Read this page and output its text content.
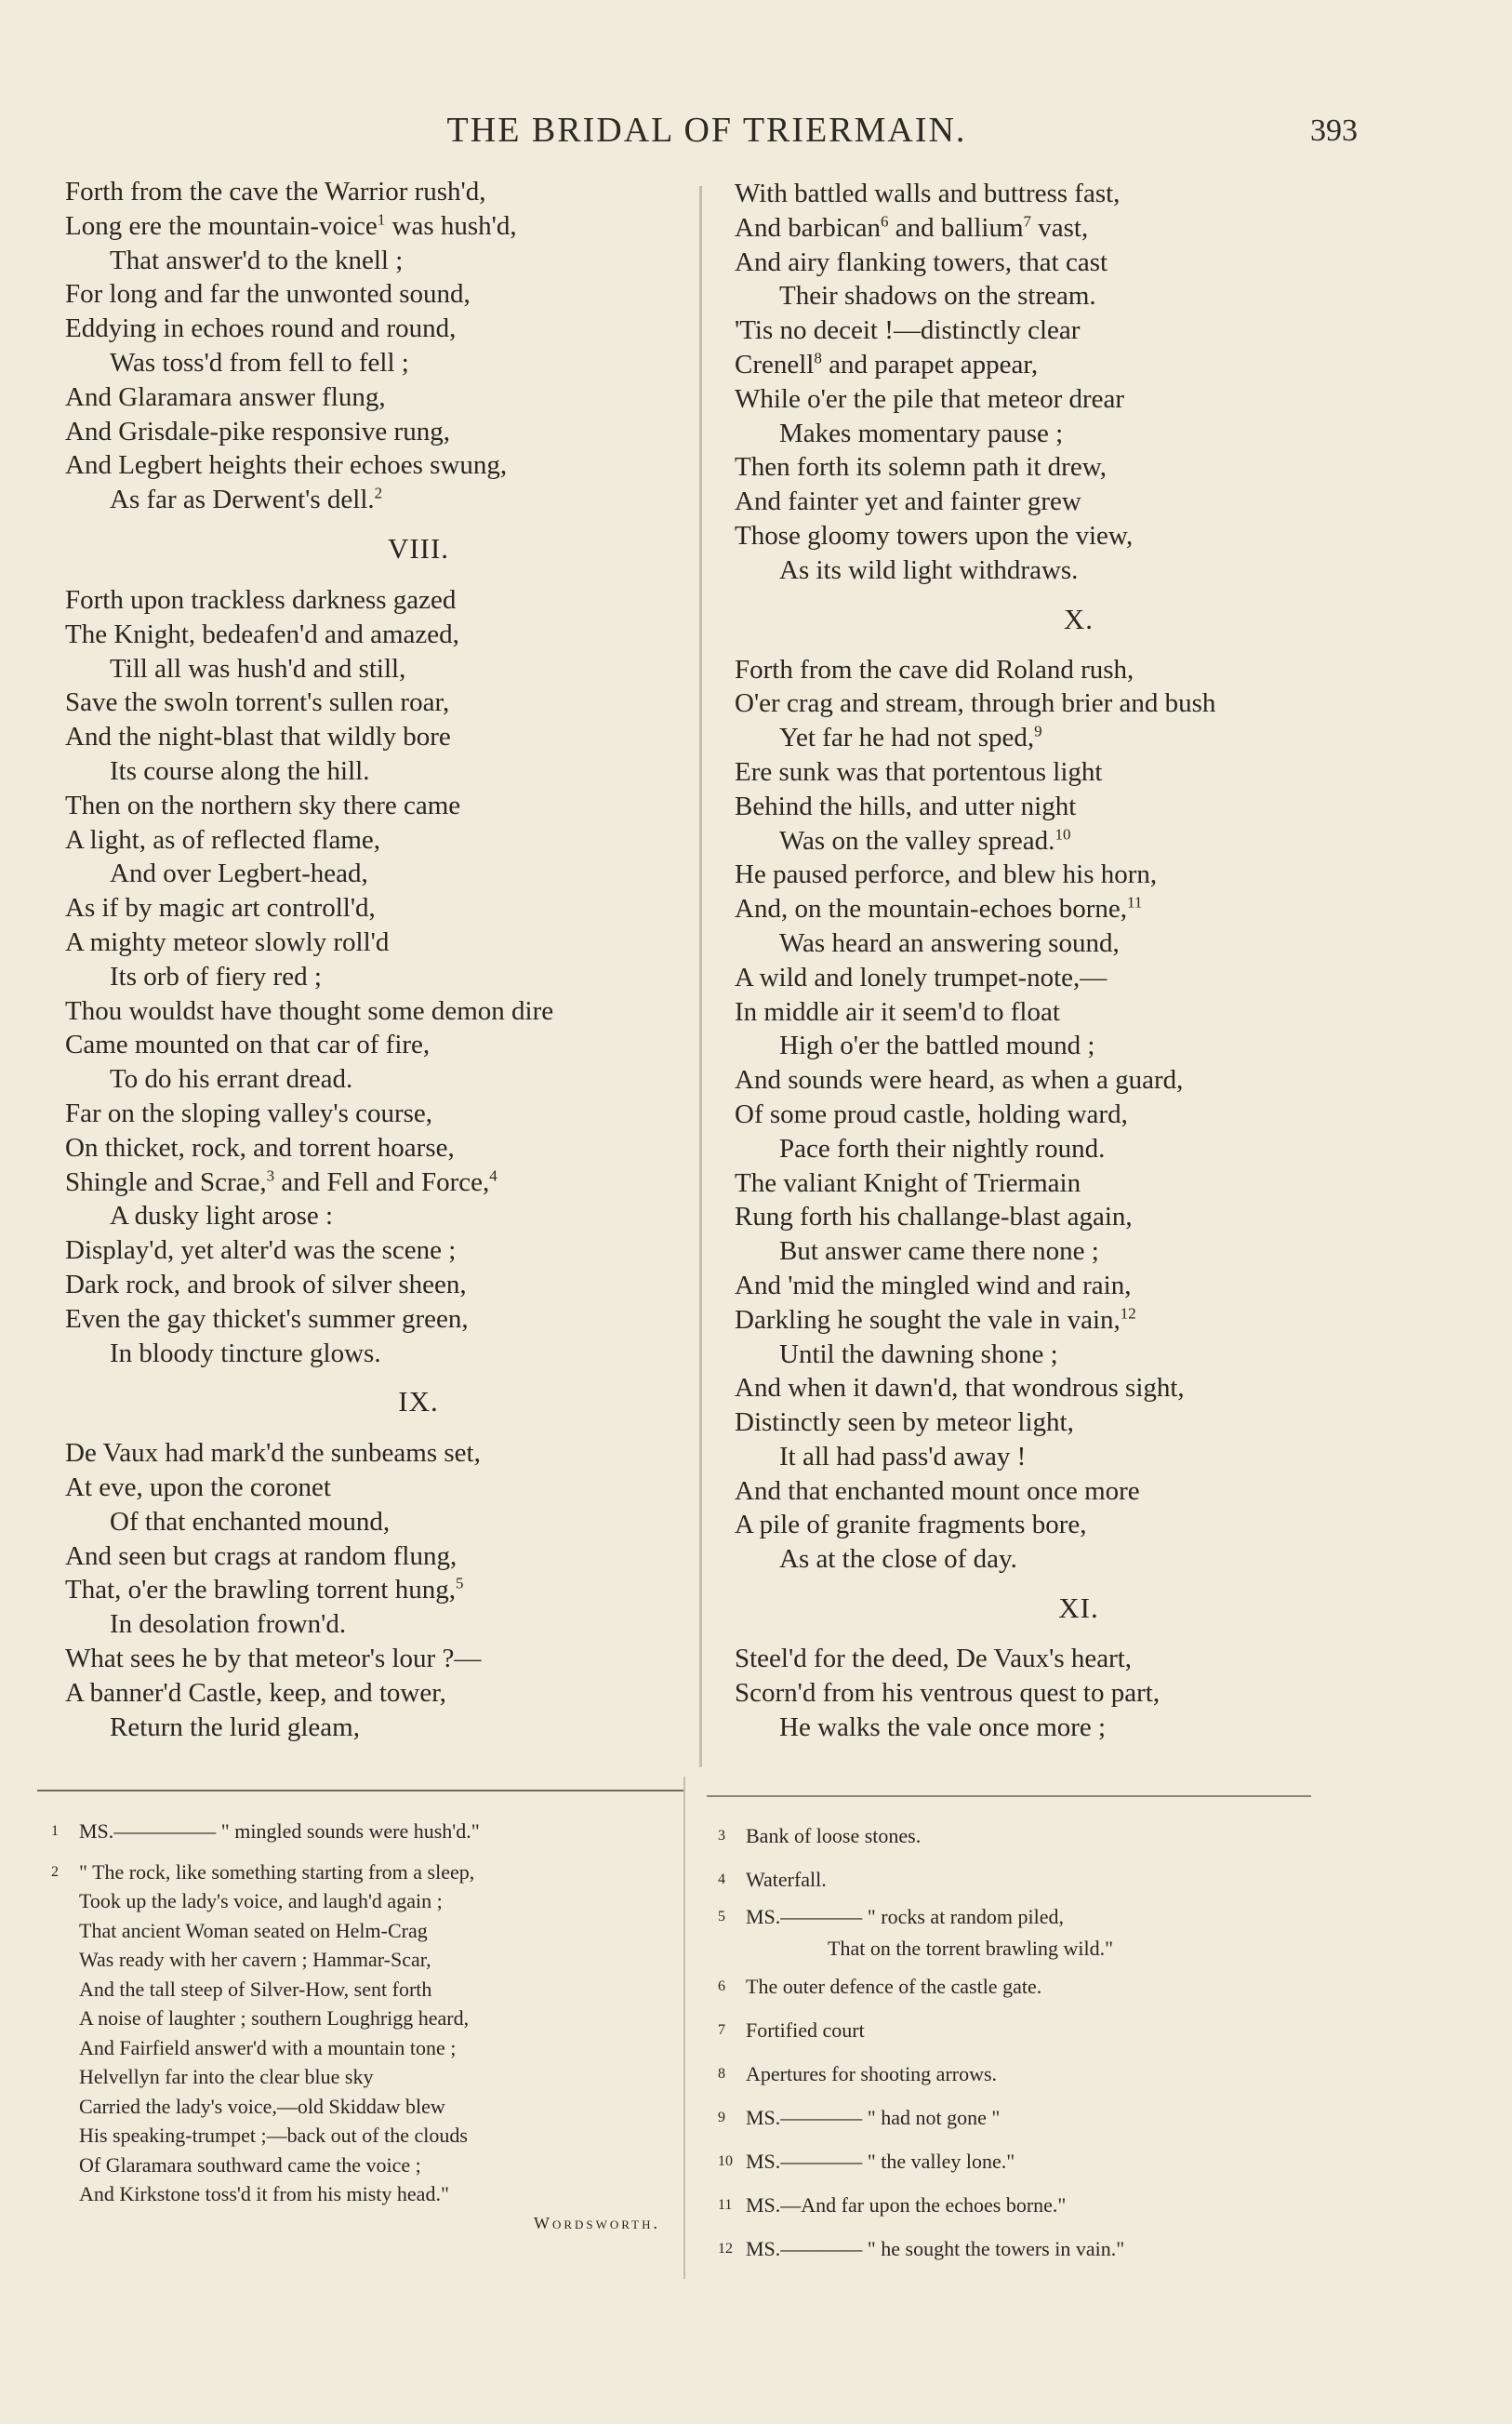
THE BRIDAL OF TRIERMAIN.	393
Forth from the cave the Warrior rush'd,
Long ere the mountain-voice$^1$ was hush'd,
That answer'd to the knell ;
For long and far the unwonted sound,
Eddying in echoes round and round,
Was toss'd from fell to fell ;
And Glaramara answer flung,
And Grisdale-pike responsive rung,
And Legbert heights their echoes swung,
As far as Derwent's dell.$^2$
VIII.
Forth upon trackless darkness gazed
The Knight, bedeafen'd and amazed,
Till all was hush'd and still,
Save the swoln torrent's sullen roar,
And the night-blast that wildly bore
Its course along the hill.
Then on the northern sky there came
A light, as of reflected flame,
And over Legbert-head,
As if by magic art controll'd,
A mighty meteor slowly roll'd
Its orb of fiery red ;
Thou wouldst have thought some demon dire
Came mounted on that car of fire,
To do his errant dread.
Far on the sloping valley's course,
On thicket, rock, and torrent hoarse,
Shingle and Scrae,$^3$ and Fell and Force,$^4$
A dusky light arose :
Display'd, yet alter'd was the scene ;
Dark rock, and brook of silver sheen,
Even the gay thicket's summer green,
In bloody tincture glows.
IX.
De Vaux had mark'd the sunbeams set,
At eve, upon the coronet
Of that enchanted mound,
And seen but crags at random flung,
That, o'er the brawling torrent hung,$^5$
In desolation frown'd.
What sees he by that meteor's lour ?—
A banner'd Castle, keep, and tower,
Return the lurid gleam,
With battled walls and buttress fast,
And barbican$^6$ and ballium$^7$ vast,
And airy flanking towers, that cast
Their shadows on the stream.
'Tis no deceit !—distinctly clear
Crenell$^8$ and parapet appear,
While o'er the pile that meteor drear
Makes momentary pause ;
Then forth its solemn path it drew,
And fainter yet and fainter grew
Those gloomy towers upon the view,
As its wild light withdraws.
X.
Forth from the cave did Roland rush,
O'er crag and stream, through brier and bush
Yet far he had not sped,$^9$
Ere sunk was that portentous light
Behind the hills, and utter night
Was on the valley spread.$^{10}$
He paused perforce, and blew his horn,
And, on the mountain-echoes borne,$^{11}$
Was heard an answering sound,
A wild and lonely trumpet-note,—
In middle air it seem'd to float
High o'er the battled mound ;
And sounds were heard, as when a guard,
Of some proud castle, holding ward,
Pace forth their nightly round.
The valiant Knight of Triermain
Rung forth his challange-blast again,
But answer came there none ;
And 'mid the mingled wind and rain,
Darkling he sought the vale in vain,$^{12}$
Until the dawning shone ;
And when it dawn'd, that wondrous sight,
Distinctly seen by meteor light,
It all had pass'd away !
And that enchanted mount once more
A pile of granite fragments bore,
As at the close of day.
XI.
Steel'd for the deed, De Vaux's heart,
Scorn'd from his ventrous quest to part,
He walks the vale once more ;
1 MS.————— " mingled sounds were hush'd."
2 " The rock, like something starting from a sleep,
Took up the lady's voice, and laugh'd again ;
That ancient Woman seated on Helm-Crag
Was ready with her cavern ; Hammar-Scar,
And the tall steep of Silver-How, sent forth
A noise of laughter ; southern Loughrigg heard,
And Fairfield answer'd with a mountain tone ;
Helvellyn far into the clear blue sky
Carried the lady's voice,—old Skiddaw blew
His speaking-trumpet ;—back out of the clouds
Of Glaramara southward came the voice ;
And Kirkstone toss'd it from his misty head."
Wordsworth.
3 Bank of loose stones.
4 Waterfall.
5 MS.———— " rocks at random piled,
That on the torrent brawling wild."
6 The outer defence of the castle gate.
7 Fortified court
8 Apertures for shooting arrows.
9 MS.———— " had not gone "
10 MS.———— " the valley lone."
11 MS.—And far upon the echoes borne."
12 MS.———— " he sought the towers in vain."
